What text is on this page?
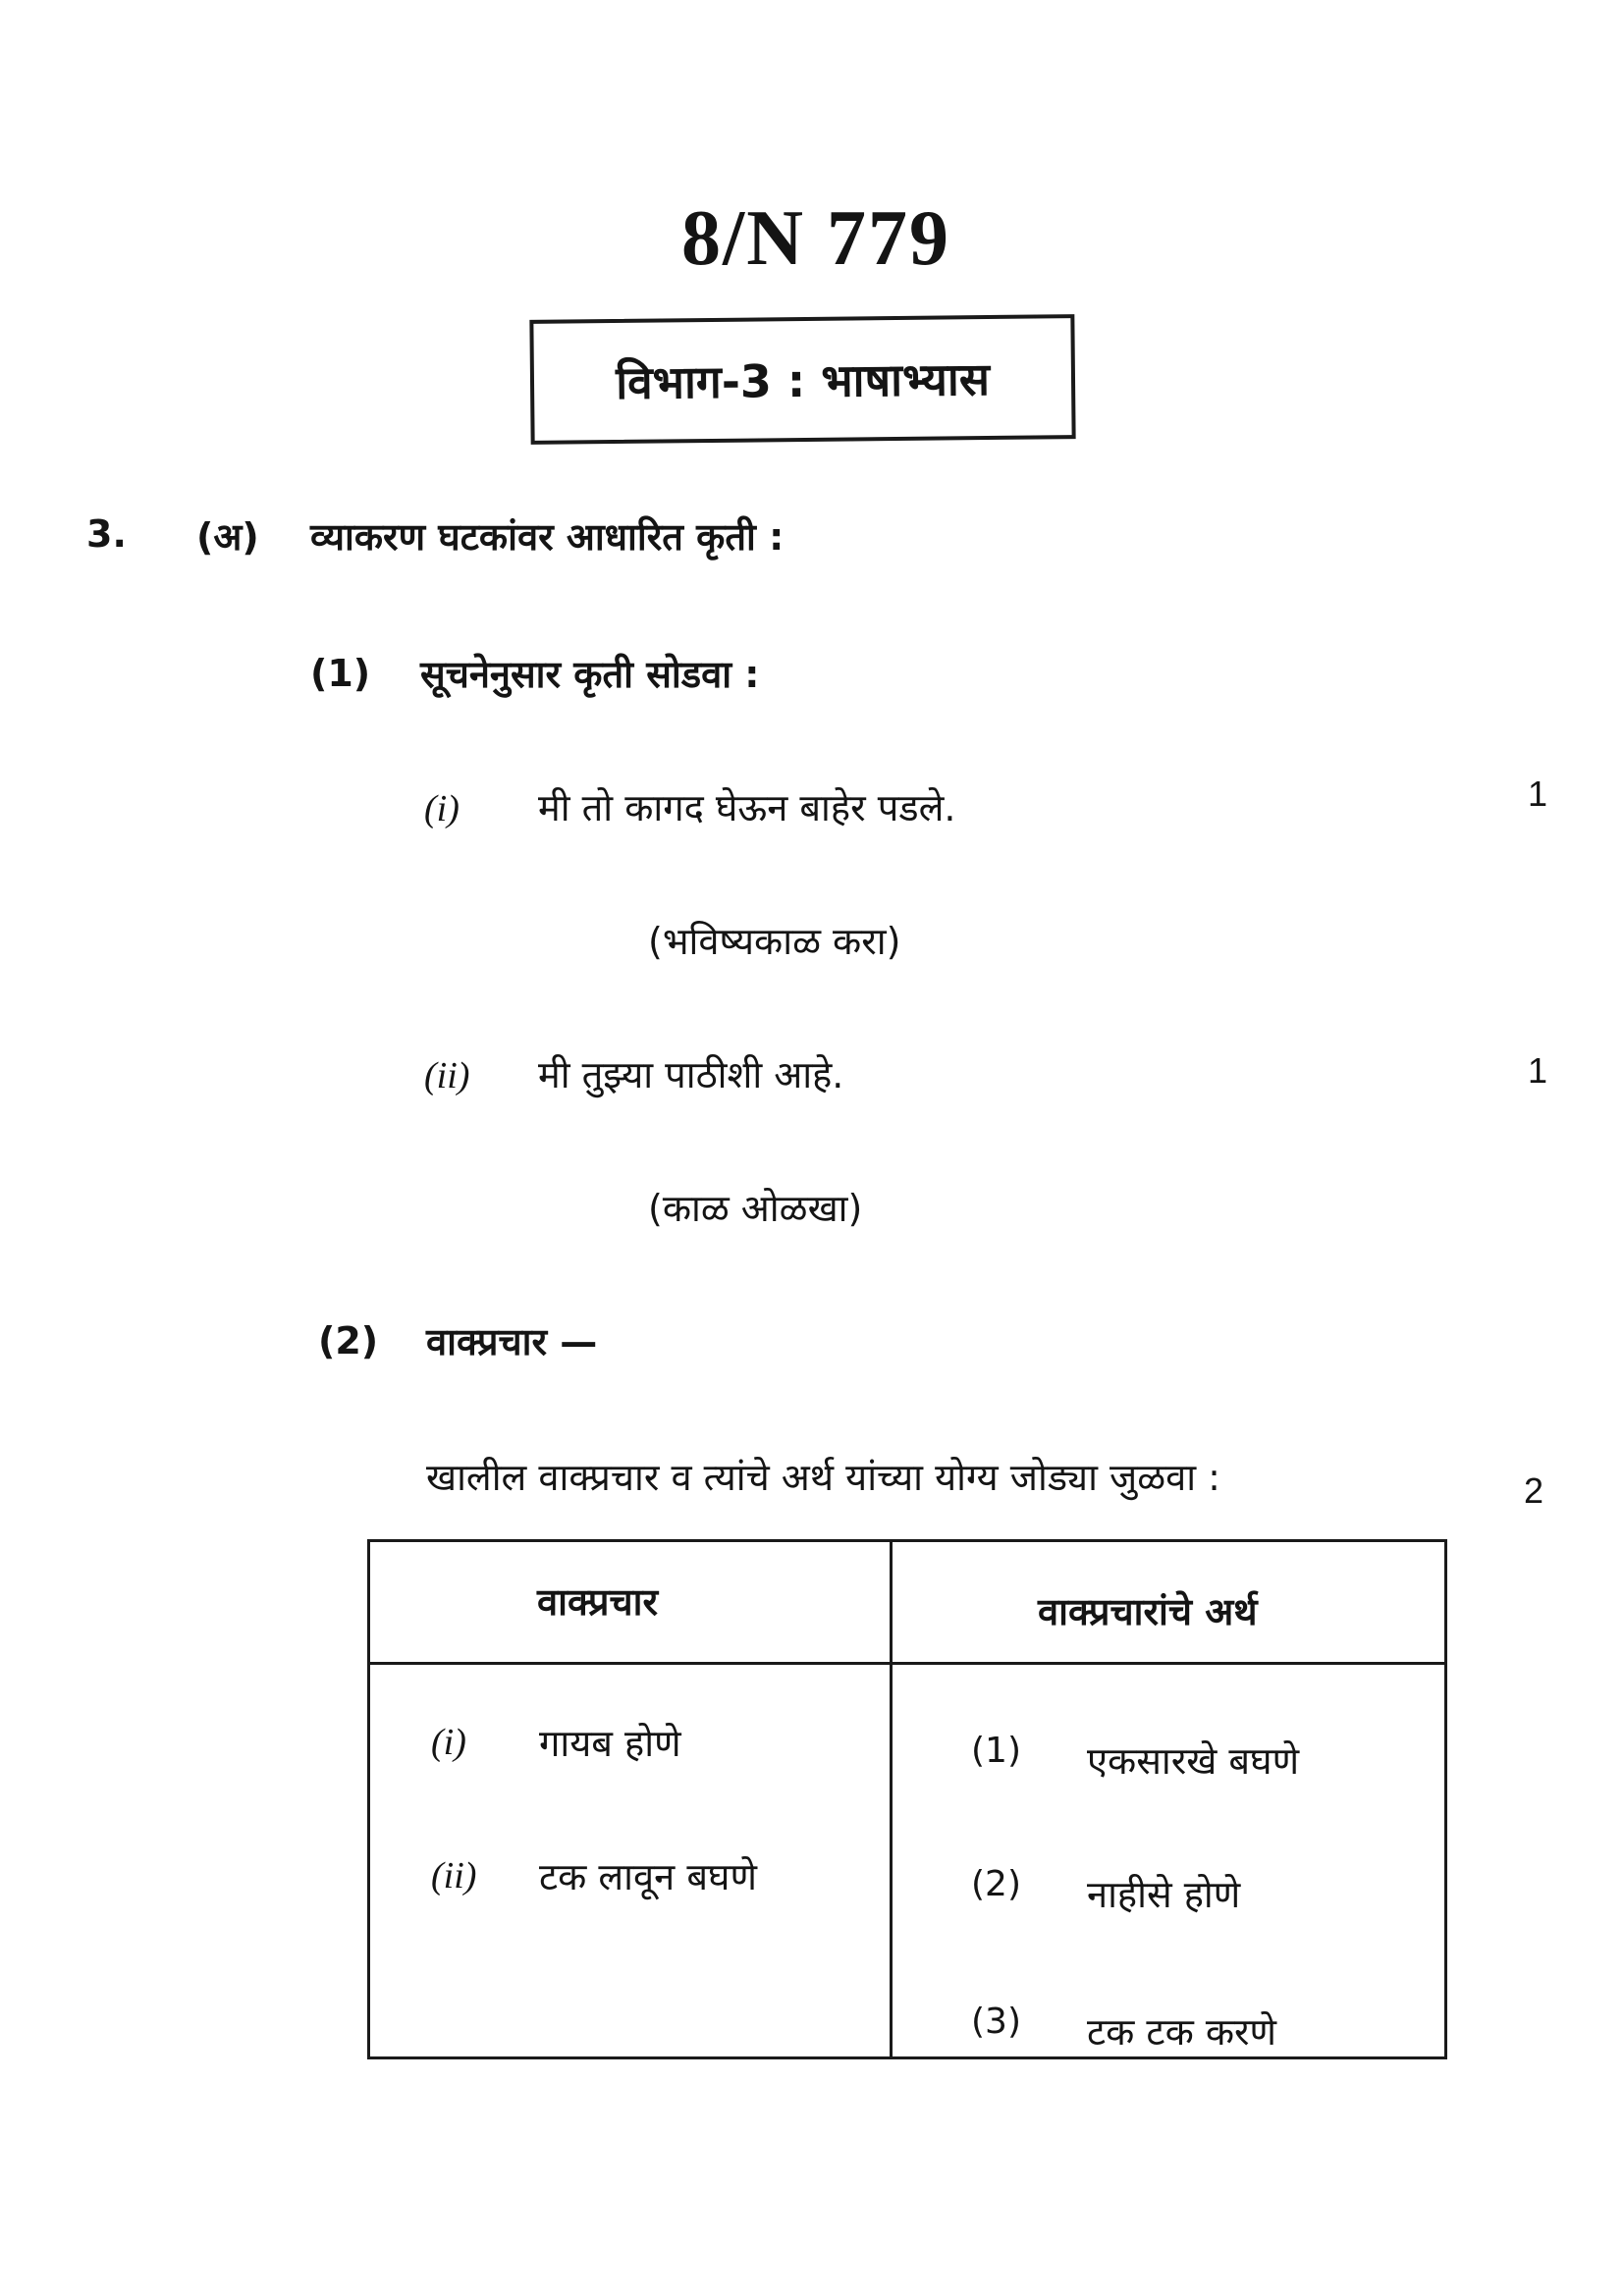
8/N 779
विभाग-3 : भाषाभ्यास
3. (अ) व्याकरण घटकांवर आधारित कृती :
(1) सूचनेनुसार कृती सोडवा :
(i) मी तो कागद घेऊन बाहेर पडले.	1
(भविष्यकाळ करा)
(ii) मी तुझ्या पाठीशी आहे.	1
(काळ ओळखा)
(2) वाक्प्रचार —
खालील वाक्प्रचार व त्यांचे अर्थ यांच्या योग्य जोड्या जुळवा :	2
वाक्प्रचार	वाक्प्रचारांचे अर्थ
(i) गायब होणे
(ii) टक लावून बघणे
(1) एकसारखे बघणे
(2) नाहीसे होणे
(3) टक टक करणे
